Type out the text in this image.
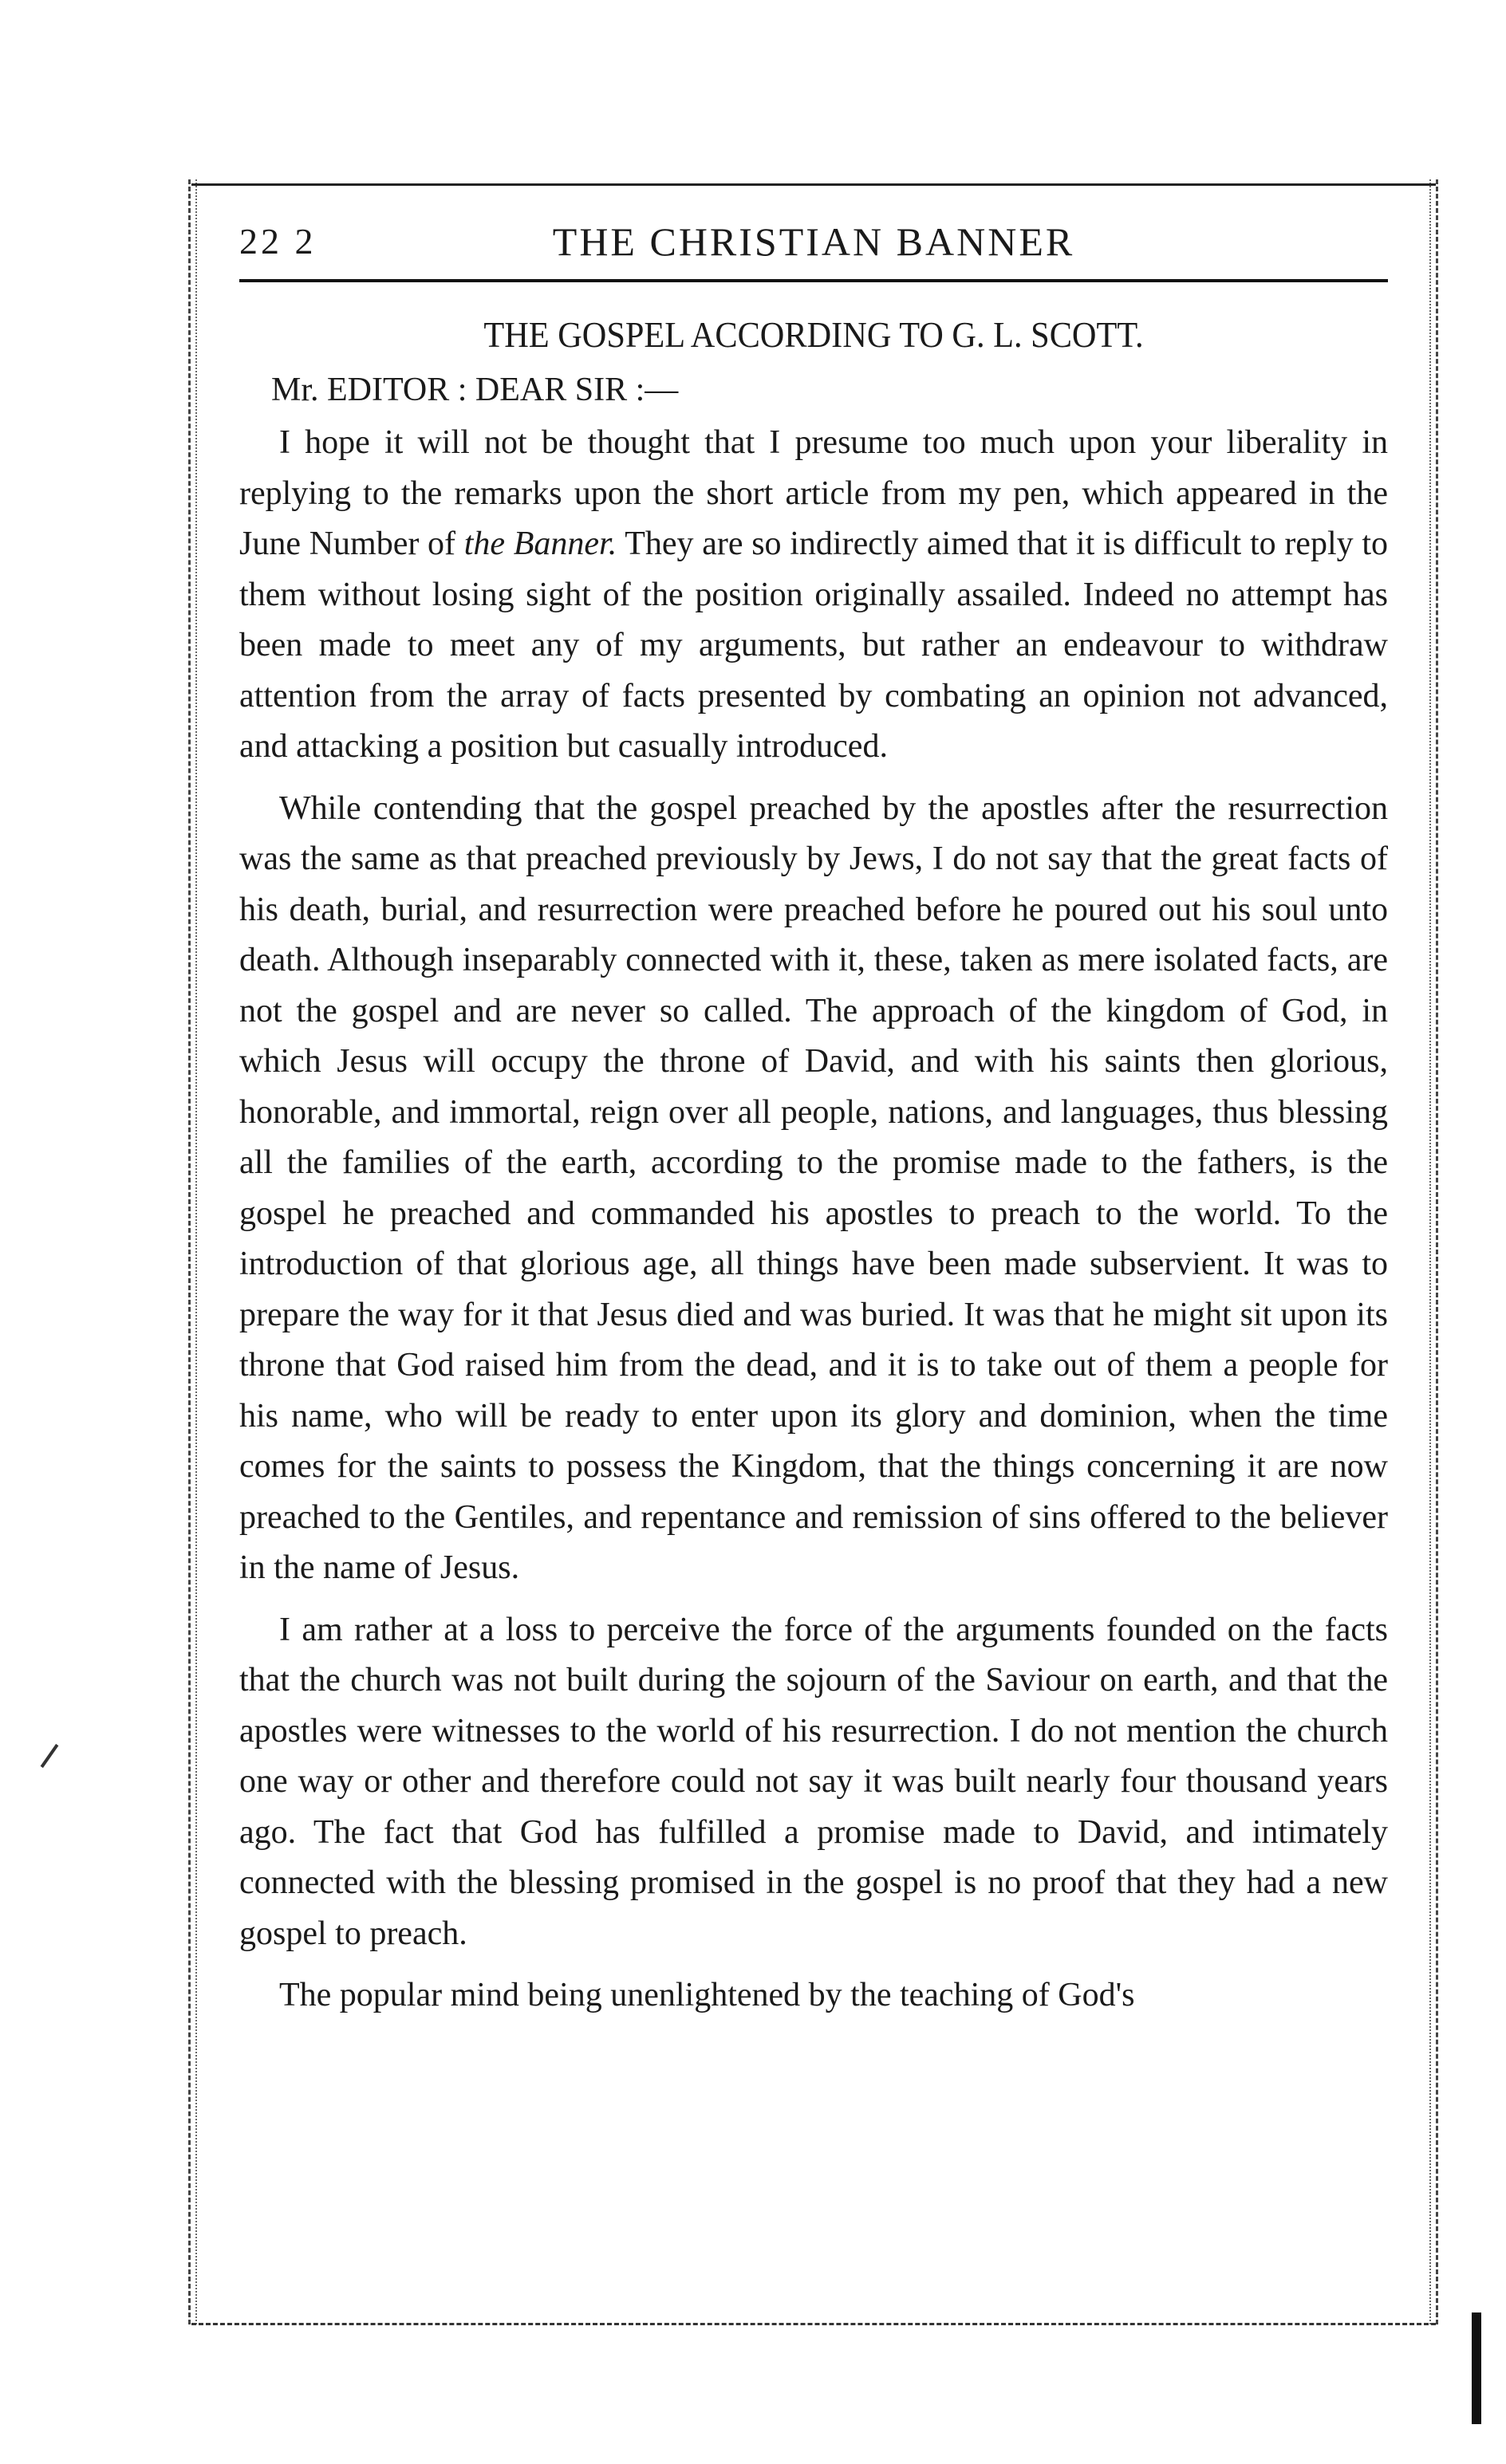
22 2	THE CHRISTIAN BANNER
THE GOSPEL ACCORDING TO G. L. SCOTT.
Mr. EDITOR : DEAR SIR :—

I hope it will not be thought that I presume too much upon your liberality in replying to the remarks upon the short article from my pen, which appeared in the June Number of the Banner. They are so indirectly aimed that it is difficult to reply to them without losing sight of the position originally assailed. Indeed no attempt has been made to meet any of my arguments, but rather an endeavour to withdraw attention from the array of facts presented by combating an opinion not advanced, and attacking a position but casually introduced.

While contending that the gospel preached by the apostles after the resurrection was the same as that preached previously by Jews, I do not say that the great facts of his death, burial, and resurrection were preached before he poured out his soul unto death. Although inseparably connected with it, these, taken as mere isolated facts, are not the gospel and are never so called. The approach of the kingdom of God, in which Jesus will occupy the throne of David, and with his saints then glorious, honorable, and immortal, reign over all people, nations, and languages, thus blessing all the families of the earth, according to the promise made to the fathers, is the gospel he preached and commanded his apostles to preach to the world. To the introduction of that glorious age, all things have been made subservient. It was to prepare the way for it that Jesus died and was buried. It was that he might sit upon its throne that God raised him from the dead, and it is to take out of them a people for his name, who will be ready to enter upon its glory and dominion, when the time comes for the saints to possess the Kingdom, that the things concerning it are now preached to the Gentiles, and repentance and remission of sins offered to the believer in the name of Jesus.

I am rather at a loss to perceive the force of the arguments founded on the facts that the church was not built during the sojourn of the Saviour on earth, and that the apostles were witnesses to the world of his resurrection. I do not mention the church one way or other and therefore could not say it was built nearly four thousand years ago. The fact that God has fulfilled a promise made to David, and intimately connected with the blessing promised in the gospel is no proof that they had a new gospel to preach.

The popular mind being unenlightened by the teaching of God's
